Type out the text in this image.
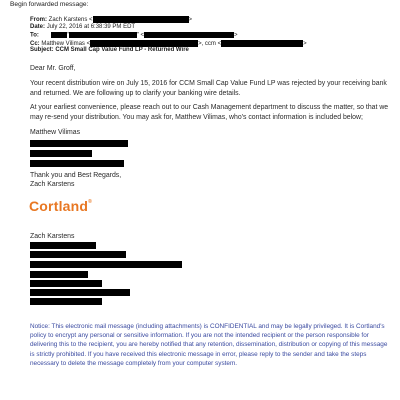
Begin forwarded message:
From: Zach Karstens <	>
Date: July 22, 2016 at 6:38:39 PM EDT
To:	"	" <	>
Cc: Matthew Vilimas <	>, ccm <	>
Subject: CCM Small Cap Value Fund LP - Returned Wire
Dear Mr. Groff,
Your recent distribution wire on July 15, 2016 for CCM Small Cap Value Fund LP was rejected by your receiving bank and returned. We are following up to clarify your banking wire details.
At your earliest convenience, please reach out to our Cash Management department to discuss the matter, so that we may re-send your distribution. You may ask for, Matthew Vilimas, who's contact information is included below;
Matthew Vilimas
Thank you and Best Regards,
Zach Karstens
Cortland®
Zach Karstens
Notice: This electronic mail message (including attachments) is CONFIDENTIAL and may be legally privileged. It is Cortland's policy to encrypt any personal or sensitive information. If you are not the intended recipient or the person responsible for delivering this to the recipient, you are hereby notified that any retention, dissemination, distribution or copying of this message is strictly prohibited. If you have received this electronic message in error, please reply to the sender and take the steps necessary to delete the message completely from your computer system.
